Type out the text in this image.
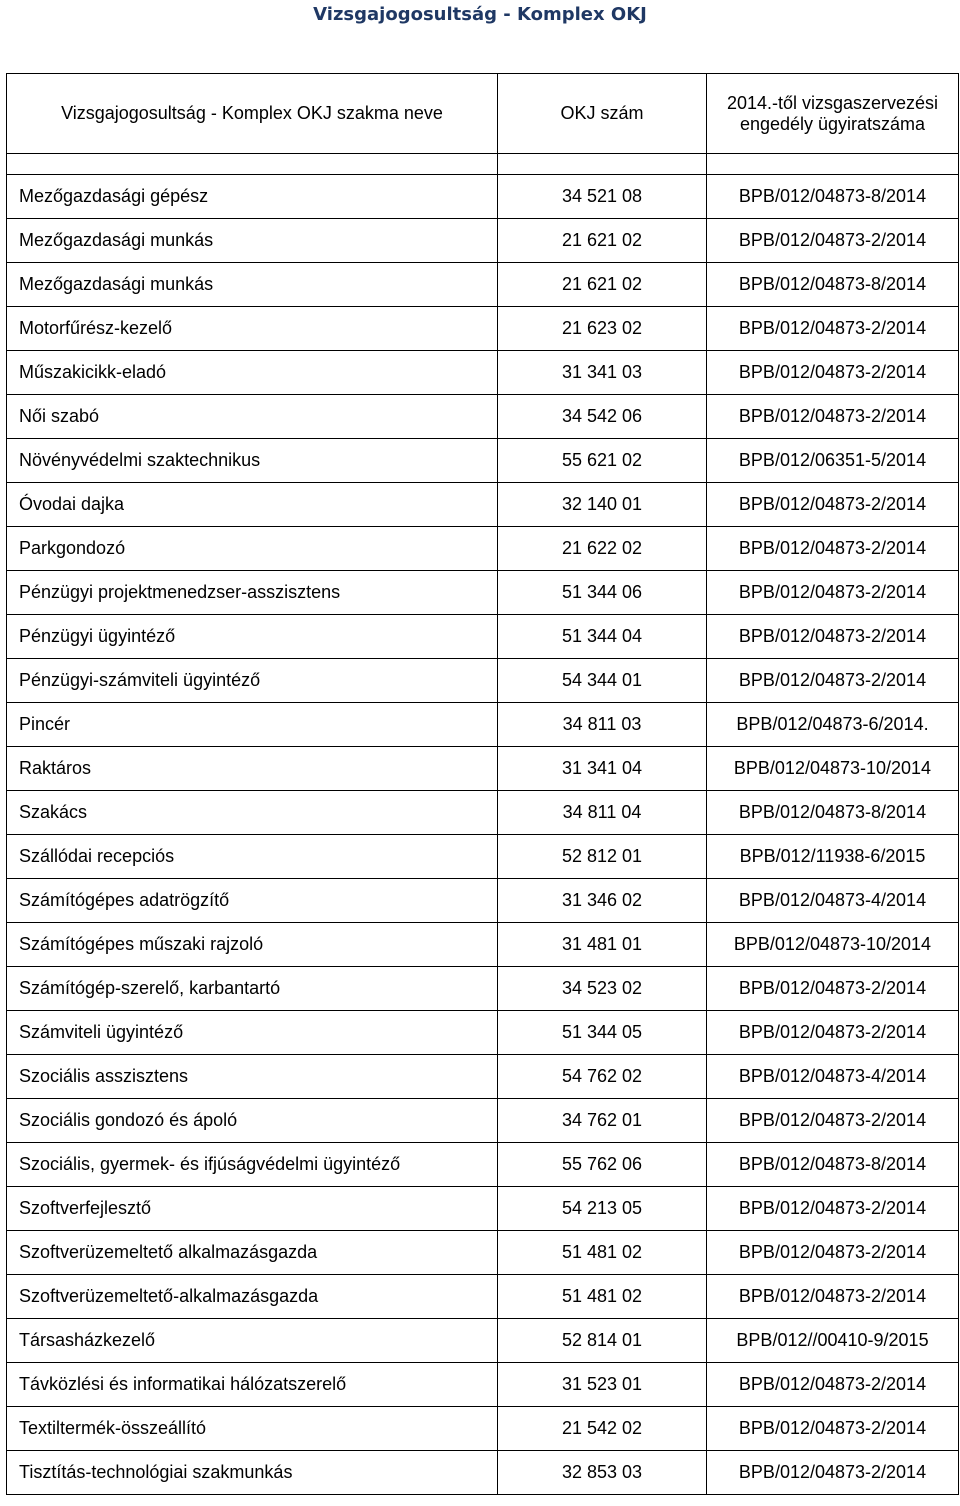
Vizsgajogosultság - Komplex OKJ
Vizsgajogosultság - Komplex OKJ szakma neve	OKJ szám	2014.-től vizsgaszervezési engedély ügyiratszáma

Mezőgazdasági gépész	34 521 08	BPB/012/04873-8/2014
Mezőgazdasági munkás	21 621 02	BPB/012/04873-2/2014
Mezőgazdasági munkás	21 621 02	BPB/012/04873-8/2014
Motorfűrész-kezelő	21 623 02	BPB/012/04873-2/2014
Műszakicikk-eladó	31 341 03	BPB/012/04873-2/2014
Női szabó	34 542 06	BPB/012/04873-2/2014
Növényvédelmi szaktechnikus	55 621 02	BPB/012/06351-5/2014
Óvodai dajka	32 140 01	BPB/012/04873-2/2014
Parkgondozó	21 622 02	BPB/012/04873-2/2014
Pénzügyi projektmenedzser-asszisztens	51 344 06	BPB/012/04873-2/2014
Pénzügyi ügyintéző	51 344 04	BPB/012/04873-2/2014
Pénzügyi-számviteli ügyintéző	54 344 01	BPB/012/04873-2/2014
Pincér	34 811 03	BPB/012/04873-6/2014.
Raktáros	31 341 04	BPB/012/04873-10/2014
Szakács	34 811 04	BPB/012/04873-8/2014
Szállódai recepciós	52 812 01	BPB/012/11938-6/2015
Számítógépes adatrögzítő	31 346 02	BPB/012/04873-4/2014
Számítógépes műszaki rajzoló	31 481 01	BPB/012/04873-10/2014
Számítógép-szerelő, karbantartó	34 523 02	BPB/012/04873-2/2014
Számviteli ügyintéző	51 344 05	BPB/012/04873-2/2014
Szociális asszisztens	54 762 02	BPB/012/04873-4/2014
Szociális gondozó és ápoló	34 762 01	BPB/012/04873-2/2014
Szociális, gyermek- és ifjúságvédelmi ügyintéző	55 762 06	BPB/012/04873-8/2014
Szoftverfejlesztő	54 213 05	BPB/012/04873-2/2014
Szoftverüzemeltető alkalmazásgazda	51 481 02	BPB/012/04873-2/2014
Szoftverüzemeltető-alkalmazásgazda	51 481 02	BPB/012/04873-2/2014
Társasházkezelő	52 814 01	BPB/012//00410-9/2015
Távközlési és informatikai hálózatszerelő	31 523 01	BPB/012/04873-2/2014
Textiltermék-összeállító	21 542 02	BPB/012/04873-2/2014
Tisztítás-technológiai szakmunkás	32 853 03	BPB/012/04873-2/2014
